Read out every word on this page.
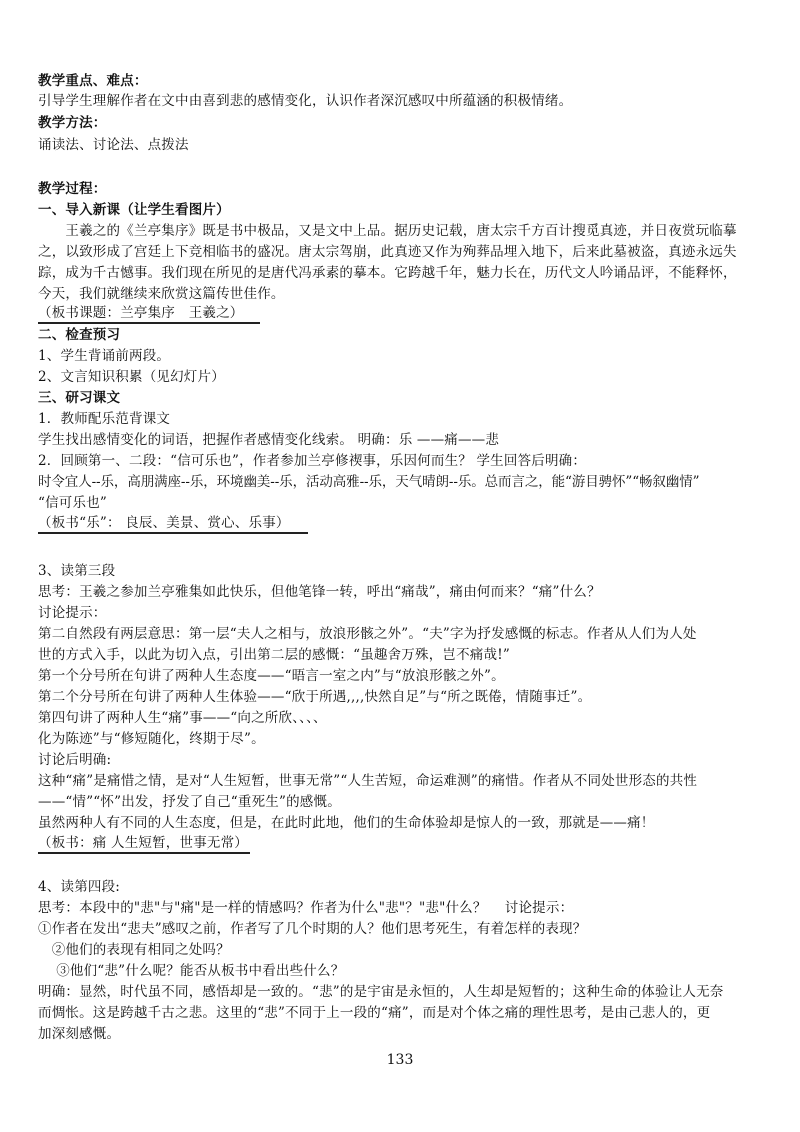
教学重点、难点：
引导学生理解作者在文中由喜到悲的感情变化，认识作者深沉感叹中所蕴涵的积极情绪。
教学方法：
诵读法、讨论法、点拨法
教学过程：
一、导入新课（让学生看图片）
　　王羲之的《兰亭集序》既是书中极品，又是文中上品。据历史记载，唐太宗千方百计搜觅真迹，并日夜赏玩临摹
之，以致形成了宫廷上下竞相临书的盛况。唐太宗驾崩，此真迹又作为殉葬品埋入地下，后来此墓被盗，真迹永远失
踪，成为千古憾事。我们现在所见的是唐代冯承素的摹本。它跨越千年，魅力长在，历代文人吟诵品评，不能释怀，
今天，我们就继续来欣赏这篇传世佳作。
（板书课题：兰亭集序　王羲之）
二、检查预习
1、学生背诵前两段。
2、文言知识积累（见幻灯片）
三、研习课文
1．教师配乐范背课文
学生找出感情变化的词语，把握作者感情变化线索。 明确：乐 ——痛——悲
2．回顾第一、二段：“信可乐也”，作者参加兰亭修禊事，乐因何而生？ 学生回答后明确：
时令宜人--乐，高朋满座--乐，环境幽美--乐，活动高雅--乐，天气晴朗--乐。总而言之，能“游目骋怀”“畅叙幽情”
“信可乐也”
（板书“乐”： 良辰、美景、赏心、乐事）
3、读第三段
思考：王羲之参加兰亭雅集如此快乐，但他笔锋一转，呼出“痛哉”，痛由何而来？“痛”什么？
讨论提示：
第二自然段有两层意思：第一层“夫人之相与，放浪形骸之外”。“夫”字为抒发感慨的标志。作者从人们为人处
世的方式入手，以此为切入点，引出第二层的感慨：“虽趣舍万殊，岂不痛哉!”
第一个分号所在句讲了两种人生态度——“晤言一室之内”与“放浪形骸之外”。
第二个分号所在句讲了两种人生体验——“欣于所遇,,,,快然自足”与“所之既倦，情随事迁”。
第四句讲了两种人生“痛”事——“向之所欣、、、、
化为陈迹”与“修短随化，终期于尽”。
讨论后明确:
这种“痛”是痛惜之情，是对“人生短暂，世事无常”“人生苦短，命运难测”的痛惜。作者从不同处世形态的共性
——“情”“怀”出发，抒发了自己“重死生”的感慨。
虽然两种人有不同的人生态度，但是，在此时此地，他们的生命体验却是惊人的一致，那就是——痛！
（板书：痛 人生短暂，世事无常）
4、读第四段:
思考：本段中的"悲"与"痛"是一样的情感吗？作者为什么"悲"？"悲"什么？　 讨论提示：
①作者在发出“悲夫”感叹之前，作者写了几个时期的人？他们思考死生，有着怎样的表现？
　②他们的表现有相同之处吗？
　 ③他们“悲”什么呢？能否从板书中看出些什么？
明确：显然，时代虽不同，感悟却是一致的。“悲”的是宇宙是永恒的，人生却是短暂的；这种生命的体验让人无奈
而惆怅。这是跨越千古之悲。这里的“悲”不同于上一段的“痛”，而是对个体之痛的理性思考，是由己悲人的，更
加深刻感慨。
133
